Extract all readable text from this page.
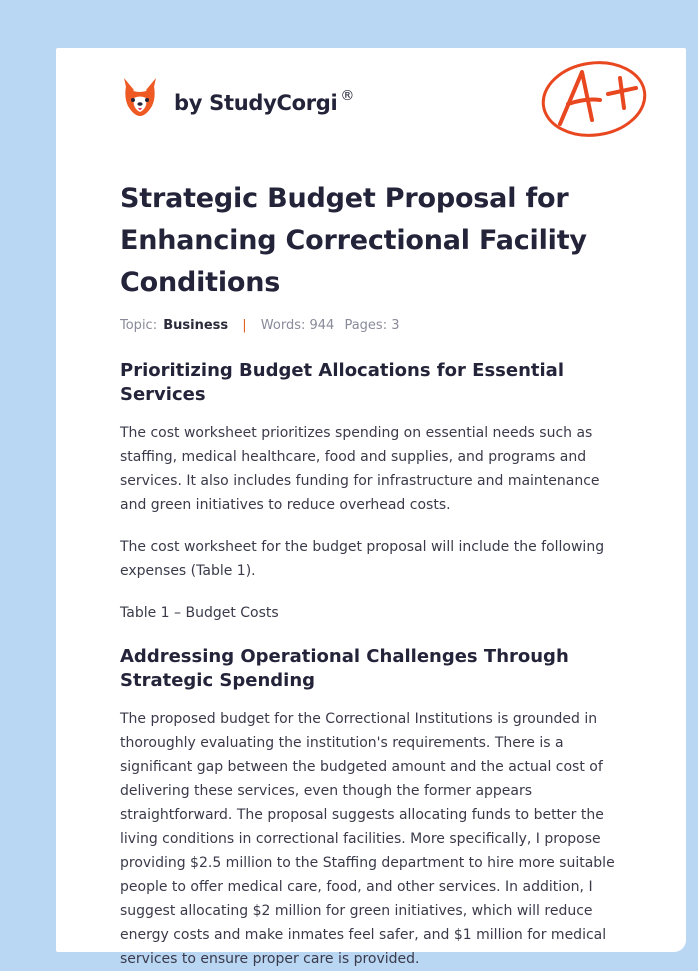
by StudyCorgi ®
Strategic Budget Proposal for Enhancing Correctional Facility Conditions
Topic: Business | Words: 944 Pages: 3
Prioritizing Budget Allocations for Essential Services

The cost worksheet prioritizes spending on essential needs such as staffing, medical healthcare, food and supplies, and programs and services. It also includes funding for infrastructure and maintenance and green initiatives to reduce overhead costs.

The cost worksheet for the budget proposal will include the following expenses (Table 1).

Table 1 – Budget Costs

Addressing Operational Challenges Through Strategic Spending

The proposed budget for the Correctional Institutions is grounded in thoroughly evaluating the institution's requirements. There is a significant gap between the budgeted amount and the actual cost of delivering these services, even though the former appears straightforward. The proposal suggests allocating funds to better the living conditions in correctional facilities. More specifically, I propose providing $2.5 million to the Staffing department to hire more suitable people to offer medical care, food, and other services. In addition, I suggest allocating $2 million for green initiatives, which will reduce energy costs and make inmates feel safer, and $1 million for medical services to ensure proper care is provided.
